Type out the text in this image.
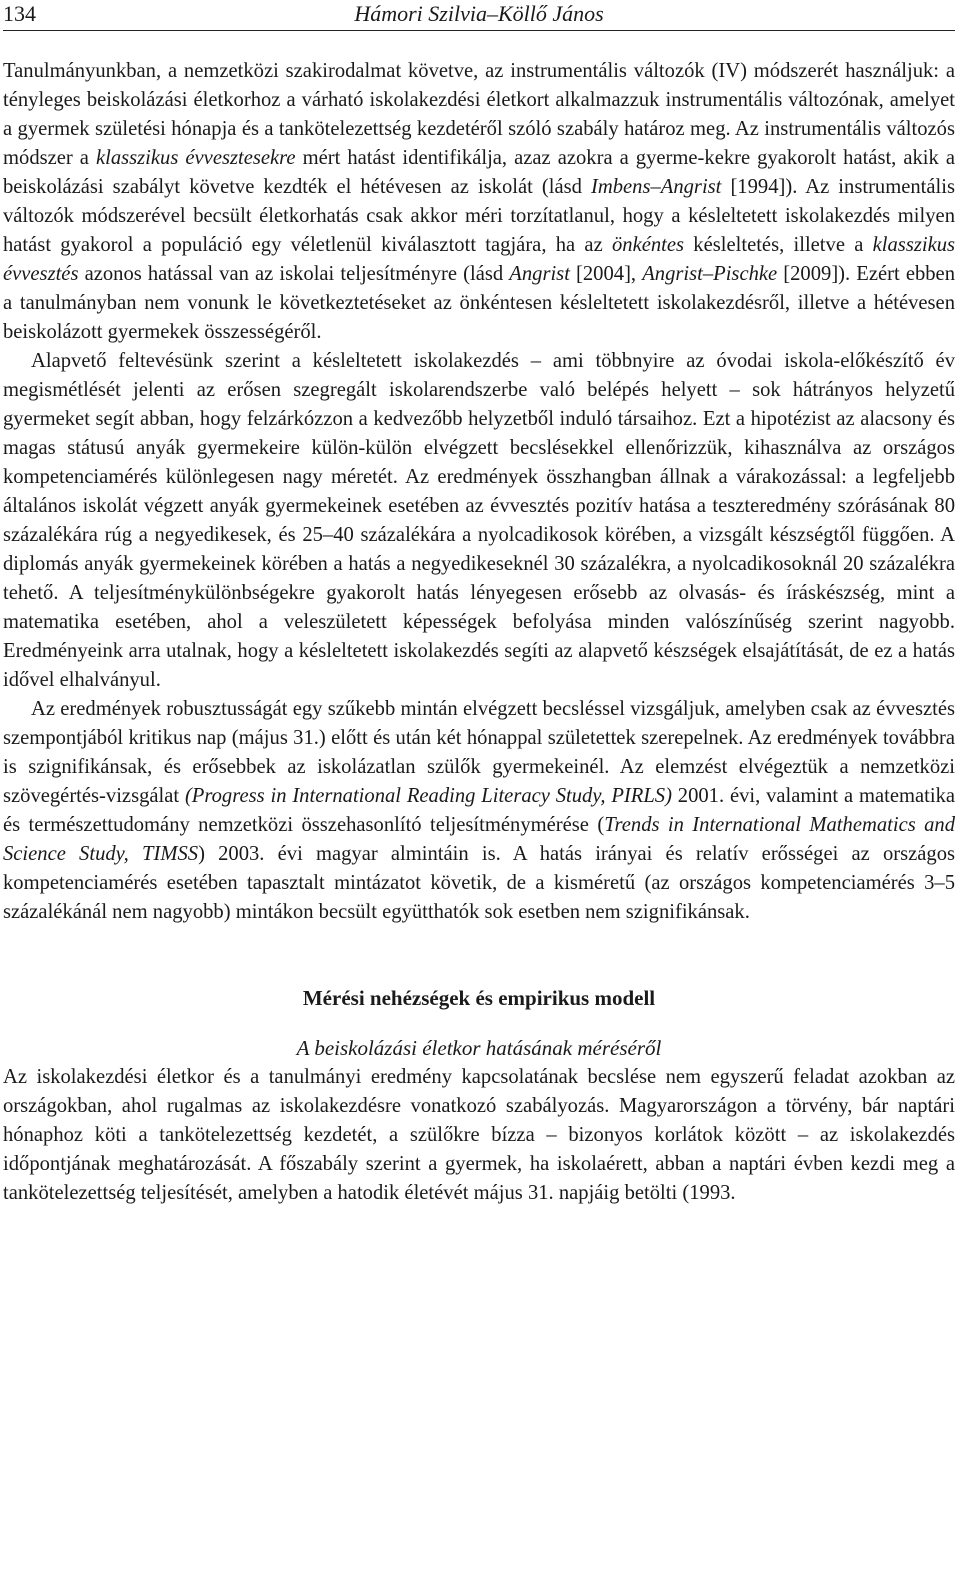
134	Hámori Szilvia–Köllő János

Tanulmányunkban, a nemzetközi szakirodalmat követve, az instrumentális változók (IV) módszerét használjuk: a tényleges beiskolázási életkorhoz a várható iskolakezdési életkort alkalmazzuk instrumentális változónak, amelyet a gyermek születési hónapja és a tankötelezettség kezdetéről szóló szabály határoz meg. Az instrumentális változós módszer a klasszikus évvesztesekre mért hatást identifikálja, azaz azokra a gyerme-kekre gyakorolt hatást, akik a beiskolázási szabályt követve kezdték el hétévesen az iskolát (lásd Imbens–Angrist [1994]). Az instrumentális változók módszerével becsült életkorhatás csak akkor méri torzítatlanul, hogy a késleltetett iskolakezdés milyen hatást gyakorol a populáció egy véletlenül kiválasztott tagjára, ha az önkéntes késleltetés, illetve a klasszikus évvesztés azonos hatással van az iskolai teljesítményre (lásd Angrist [2004], Angrist–Pischke [2009]). Ezért ebben a tanulmányban nem vonunk le következtetéseket az önkéntesen késleltetett iskolakezdésről, illetve a hétévesen beiskolázott gyermekek összességéről.

Alapvető feltevésünk szerint a késleltetett iskolakezdés – ami többnyire az óvodai iskola-előkészítő év megismétlését jelenti az erősen szegregált iskolarendszerbe való belépés helyett – sok hátrányos helyzetű gyermeket segít abban, hogy felzárkózzon a kedvezőbb helyzetből induló társaihoz. Ezt a hipotézist az alacsony és magas státusú anyák gyermekeire külön-külön elvégzett becslésekkel ellenőrizzük, kihasználva az országos kompetenciamérés különlegesen nagy méretét. Az eredmények összhangban állnak a várakozással: a legfeljebb általános iskolát végzett anyák gyermekeinek esetében az évvesztés pozitív hatása a teszteredmény szórásának 80 százalékára rúg a negyedikesek, és 25–40 százalékára a nyolcadikosok körében, a vizsgált készségtől függően. A diplomás anyák gyermekeinek körében a hatás a negyedikeseknél 30 százalékra, a nyolcadikosoknál 20 százalékra tehető. A teljesítménykülönbségekre gyakorolt hatás lényegesen erősebb az olvasás- és íráskészség, mint a matematika esetében, ahol a veleszületett képességek befolyása minden valószínűség szerint nagyobb. Eredményeink arra utalnak, hogy a késleltetett iskolakezdés segíti az alapvető készségek elsajátítását, de ez a hatás idővel elhalványul.

Az eredmények robusztusságát egy szűkebb mintán elvégzett becsléssel vizsgáljuk, amelyben csak az évvesztés szempontjából kritikus nap (május 31.) előtt és után két hónappal születettek szerepelnek. Az eredmények továbbra is szignifikánsak, és erősebbek az iskolázatlan szülők gyermekeinél. Az elemzést elvégeztük a nemzetközi szövegértés-vizsgálat (Progress in International Reading Literacy Study, PIRLS) 2001. évi, valamint a matematika és természettudomány nemzetközi összehasonlító teljesítménymérése (Trends in International Mathematics and Science Study, TIMSS) 2003. évi magyar almintáin is. A hatás irányai és relatív erősségei az országos kompetenciamérés esetében tapasztalt mintázatot követik, de a kisméretű (az országos kompetenciamérés 3–5 százalékánál nem nagyobb) mintákon becsült együtthatók sok esetben nem szignifikánsak.

Mérési nehézségek és empirikus modell
A beiskolázási életkor hatásának méréséről

Az iskolakezdési életkor és a tanulmányi eredmény kapcsolatának becslése nem egyszerű feladat azokban az országokban, ahol rugalmas az iskolakezdésre vonatkozó szabályozás. Magyarországon a törvény, bár naptári hónaphoz köti a tankötelezettség kezdetét, a szülőkre bízza – bizonyos korlátok között – az iskolakezdés időpontjának meghatározását. A főszabály szerint a gyermek, ha iskolaérett, abban a naptári évben kezdi meg a tankötelezettség teljesítését, amelyben a hatodik életévét május 31. napjáig betölti (1993.
